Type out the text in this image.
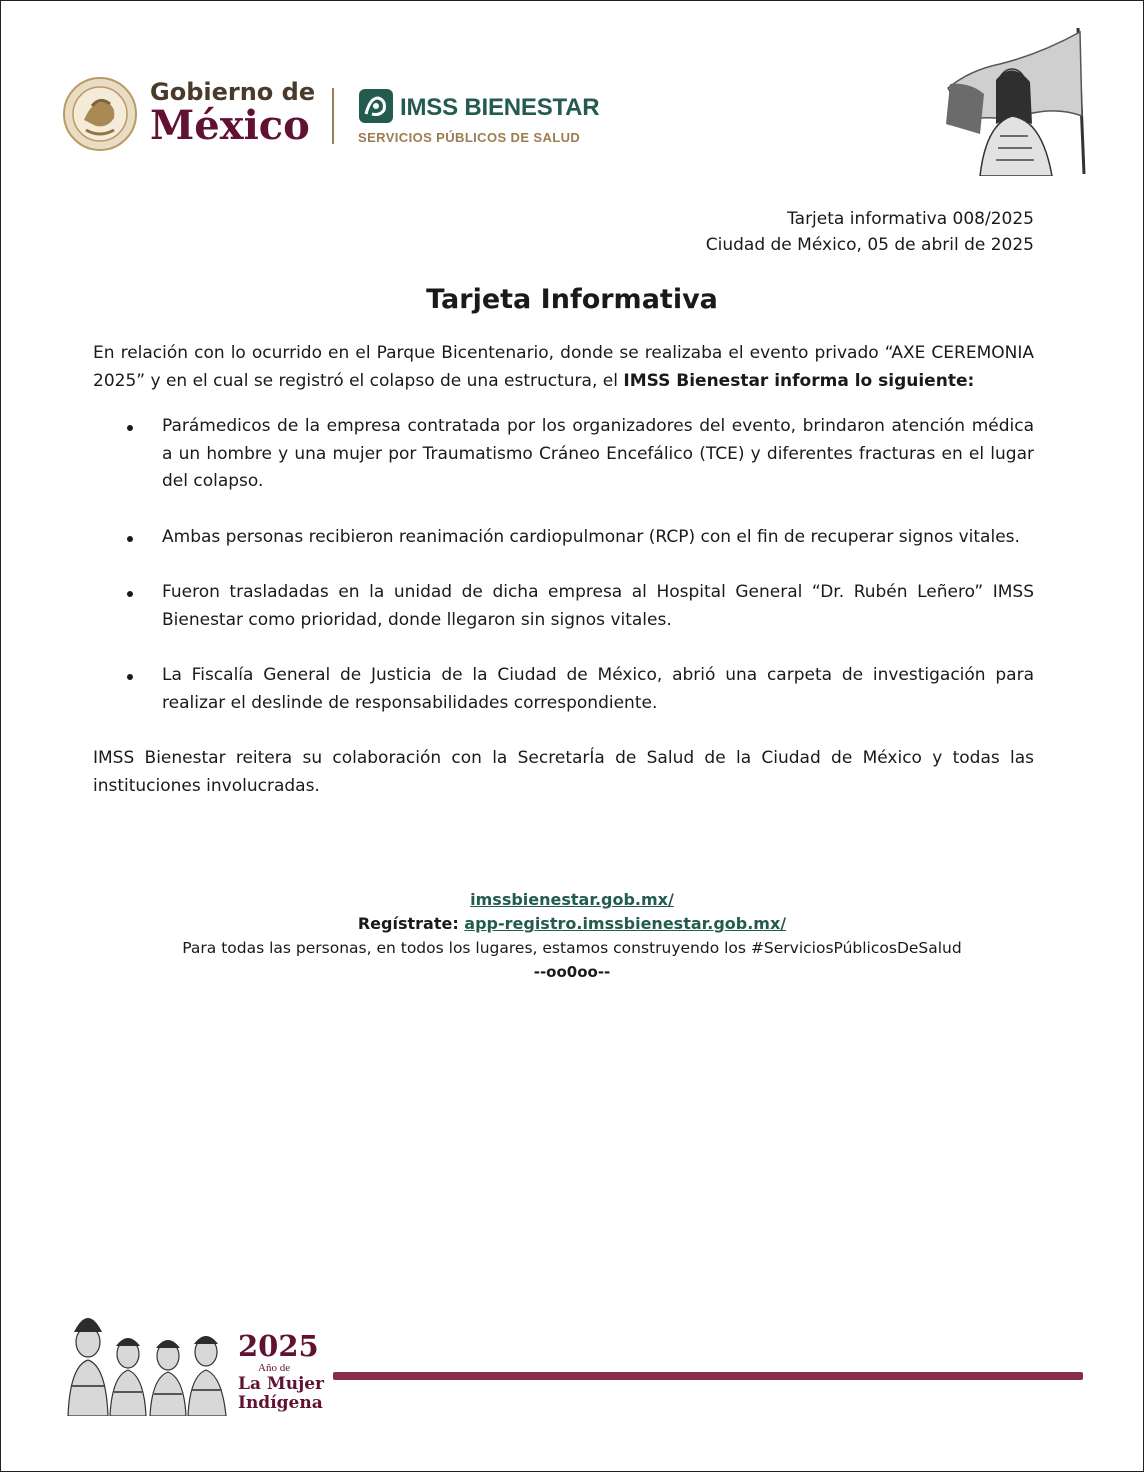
Gobierno de
México	IMSS BIENESTAR
SERVICIOS PÚBLICOS DE SALUD
Tarjeta informativa 008/2025
Ciudad de México, 05 de abril de 2025
Tarjeta Informativa

En relación con lo ocurrido en el Parque Bicentenario, donde se realizaba el evento privado “AXE CEREMONIA 2025” y en el cual se registró el colapso de una estructura, el IMSS Bienestar informa lo siguiente:

Parámedicos de la empresa contratada por los organizadores del evento, brindaron atención médica a un hombre y una mujer por Traumatismo Cráneo Encefálico (TCE) y diferentes fracturas en el lugar del colapso.
Ambas personas recibieron reanimación cardiopulmonar (RCP) con el fin de recuperar signos vitales.
Fueron trasladadas en la unidad de dicha empresa al Hospital General “Dr. Rubén Leñero” IMSS Bienestar como prioridad, donde llegaron sin signos vitales.
La Fiscalía General de Justicia de la Ciudad de México, abrió una carpeta de investigación para realizar el deslinde de responsabilidades correspondiente.

IMSS Bienestar reitera su colaboración con la SecretarÍa de Salud de la Ciudad de México y todas las instituciones involucradas.

imssbienestar.gob.mx/
Regístrate: app-registro.imssbienestar.gob.mx/
Para todas las personas, en todos los lugares, estamos construyendo los #ServiciosPúblicosDeSalud
--oo0oo--
2025
Año de
La Mujer
Indígena
